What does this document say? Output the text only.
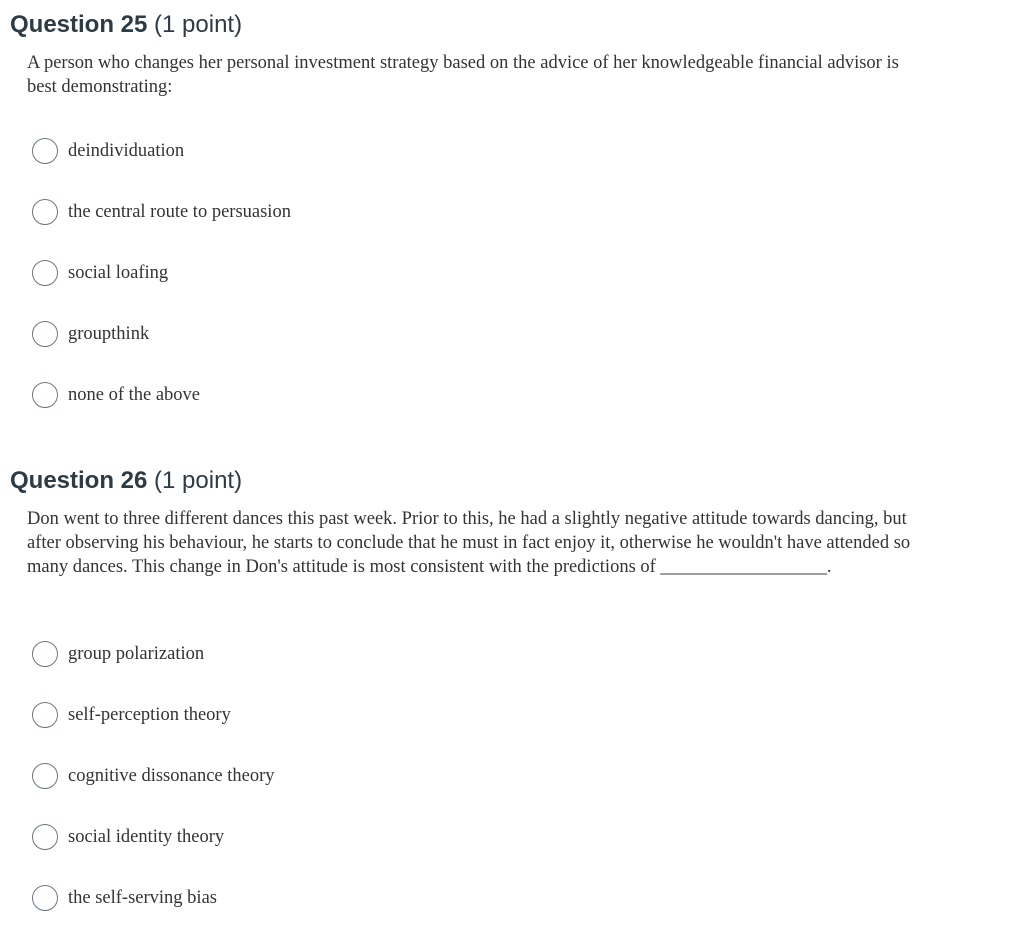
Question 25 (1 point)
A person who changes her personal investment strategy based on the advice of her knowledgeable financial advisor is best demonstrating:
deindividuation
the central route to persuasion
social loafing
groupthink
none of the above
Question 26 (1 point)
Don went to three different dances this past week. Prior to this, he had a slightly negative attitude towards dancing, but after observing his behaviour, he starts to conclude that he must in fact enjoy it, otherwise he wouldn't have attended so many dances. This change in Don's attitude is most consistent with the predictions of __________________.
group polarization
self-perception theory
cognitive dissonance theory
social identity theory
the self-serving bias
